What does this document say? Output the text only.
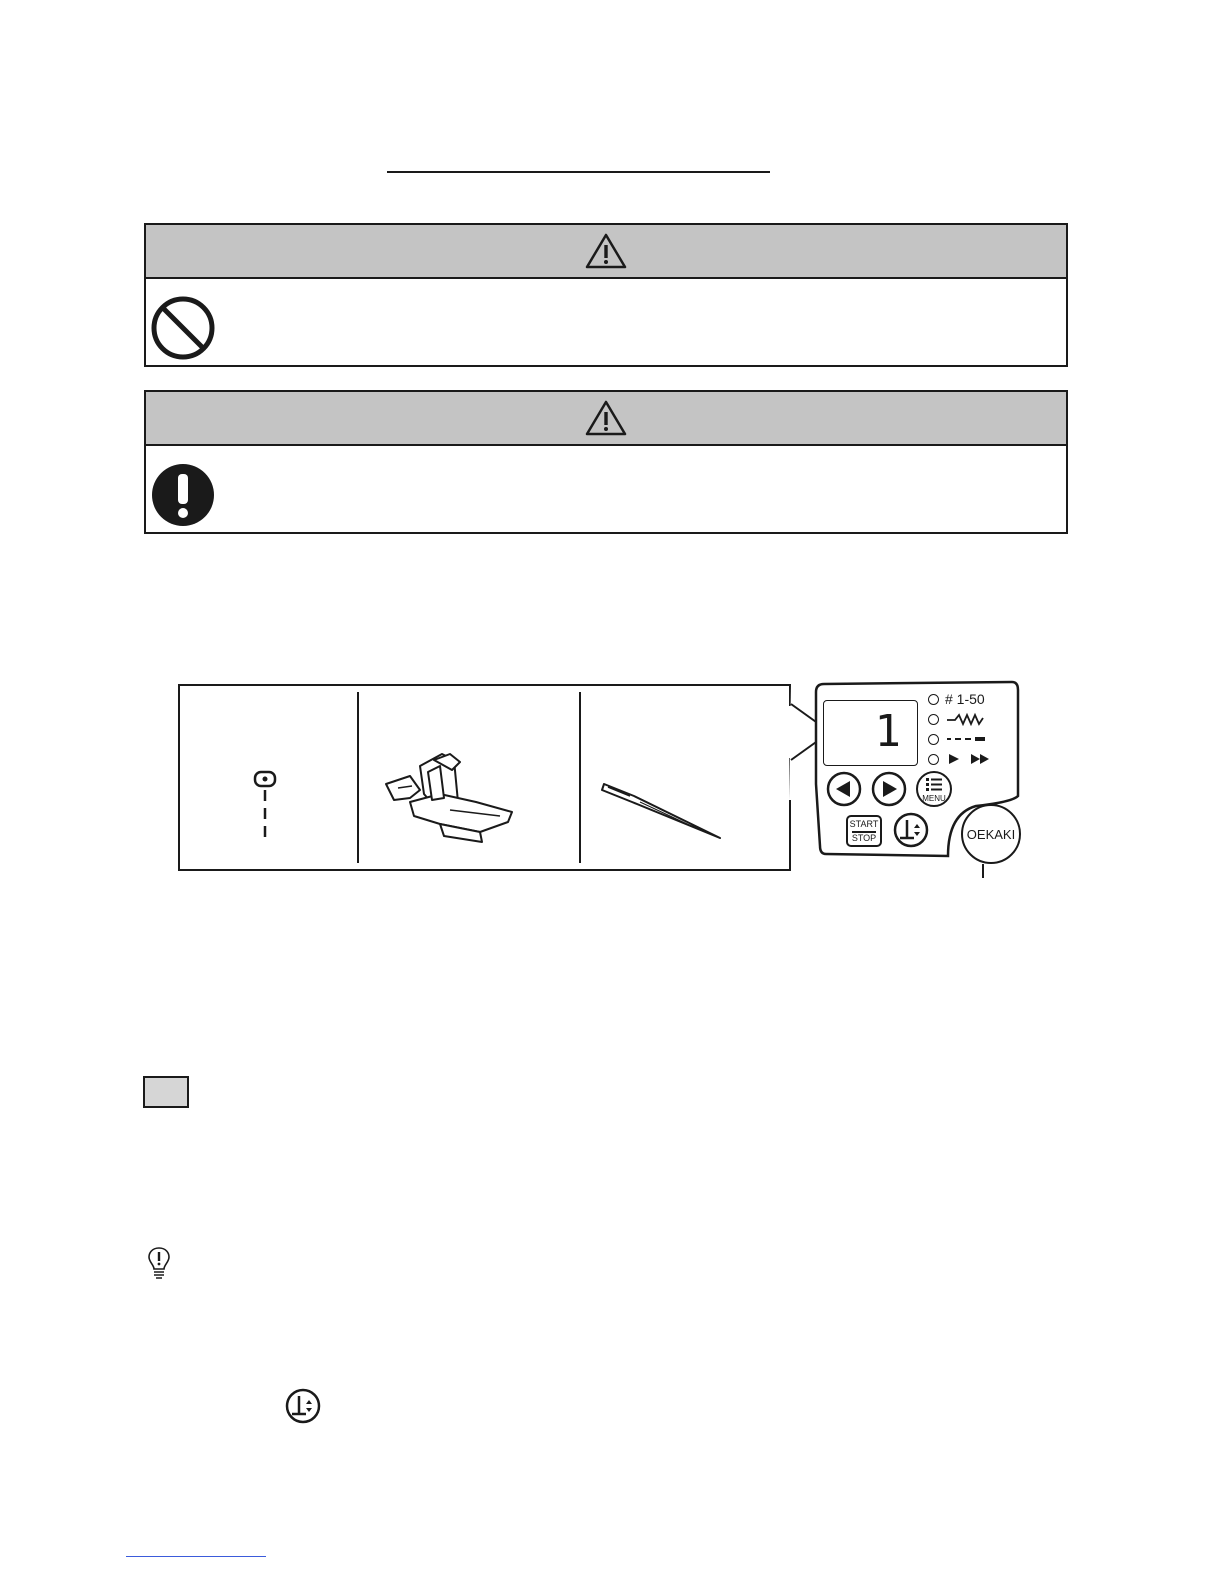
1
# 1-50
MENU
START
STOP	OEKAKI
